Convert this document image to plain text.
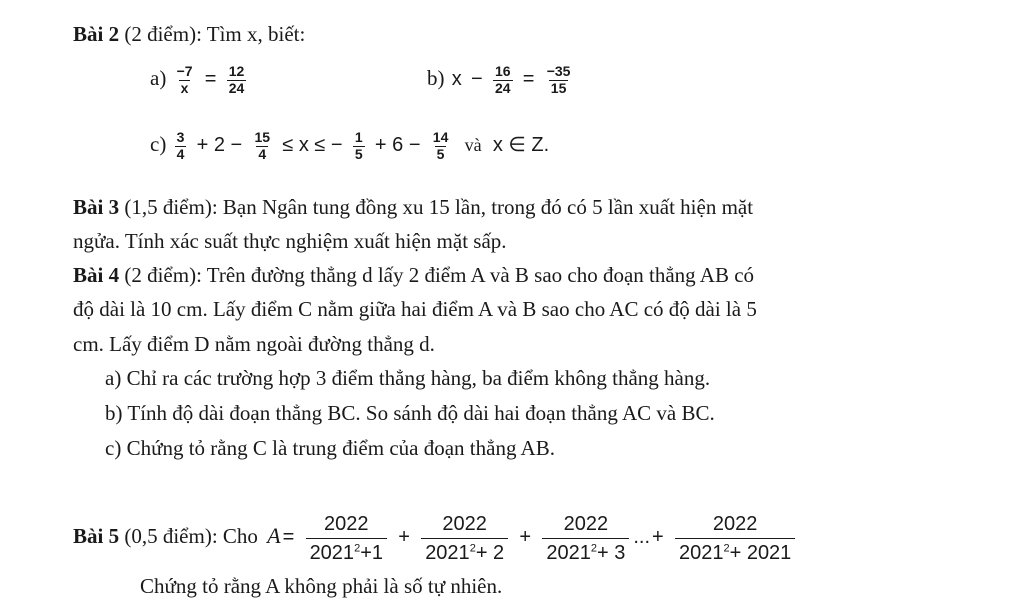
Bài 2 (2 điểm): Tìm x, biết:
$a) \frac{-7}{x} = \frac{12}{24}$	b) $x - \frac{16}{24} = \frac{-35}{15}$
$c) \frac{3}{4} + 2 - \frac{15}{4} \le x$ ≤ − $\frac{1}{5} + 6 - \frac{14}{5}$ và x ∈ Z.
Bài 3 (1,5 điểm): Bạn Ngân tung đồng xu 15 lần, trong đó có 5 lần xuất hiện mặt
ngửa. Tính xác suất thực nghiệm xuất hiện mặt sấp.
Bài 4 (2 điểm): Trên đường thẳng d lấy 2 điểm A và B sao cho đoạn thẳng AB có
độ dài là 10 cm. Lấy điểm C nằm giữa hai điểm A và B sao cho AC có độ dài là 5
cm. Lấy điểm D nằm ngoài đường thẳng d.
a) Chỉ ra các trường hợp 3 điểm thẳng hàng, ba điểm không thẳng hàng.
b) Tính độ dài đoạn thẳng BC. So sánh độ dài hai đoạn thẳng AC và BC.
c) Chứng tỏ rằng C là trung điểm của đoạn thẳng AB.
Bài 5 (0,5 điểm): Cho $A = \frac{2022}{2021^2+1} + \frac{2022}{2021^2+ 2} + \frac{2022}{2021^2+ 3}$ ... + $\frac{2022}{2021^2+ 2021}$
Chứng tỏ rằng A không phải là số tự nhiên.
